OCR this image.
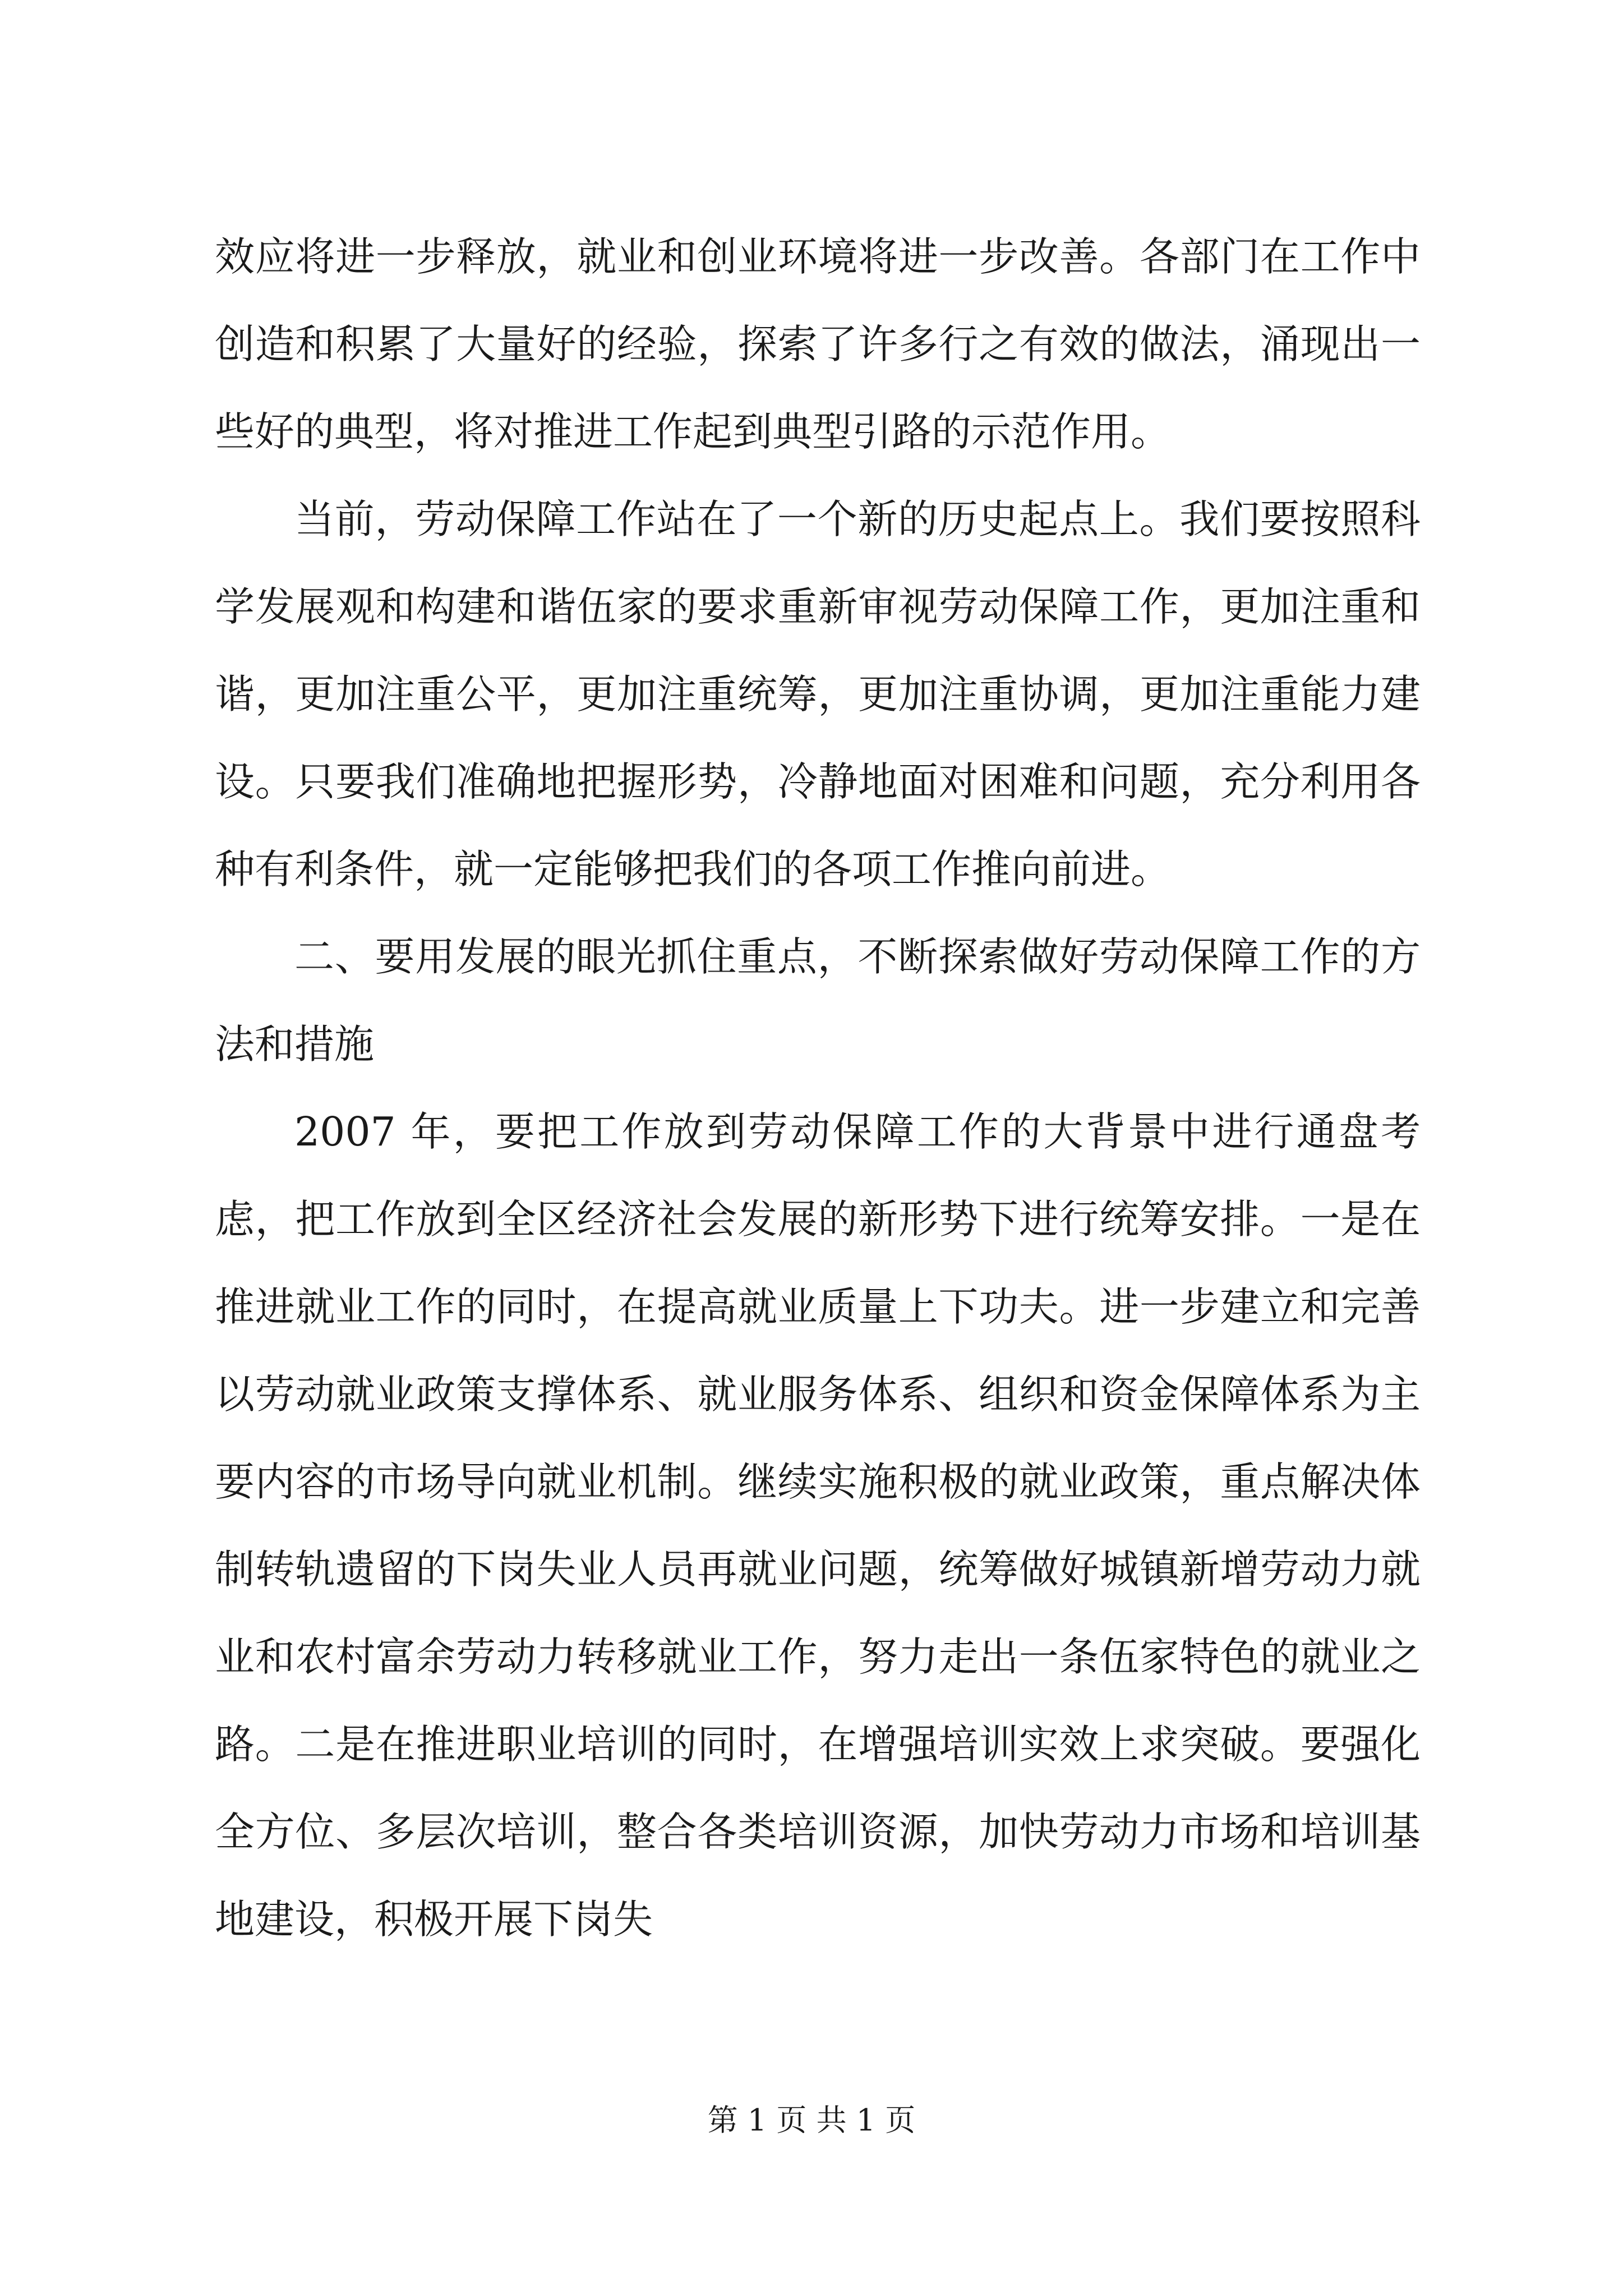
效应将进一步释放，就业和创业环境将进一步改善。各部门在工作中创造和积累了大量好的经验，探索了许多行之有效的做法，涌现出一些好的典型，将对推进工作起到典型引路的示范作用。

当前，劳动保障工作站在了一个新的历史起点上。我们要按照科学发展观和构建和谐伍家的要求重新审视劳动保障工作，更加注重和谐，更加注重公平，更加注重统筹，更加注重协调，更加注重能力建设。只要我们准确地把握形势，冷静地面对困难和问题，充分利用各种有利条件，就一定能够把我们的各项工作推向前进。

二、要用发展的眼光抓住重点，不断探索做好劳动保障工作的方法和措施

2007 年，要把工作放到劳动保障工作的大背景中进行通盘考虑，把工作放到全区经济社会发展的新形势下进行统筹安排。一是在推进就业工作的同时，在提高就业质量上下功夫。进一步建立和完善以劳动就业政策支撑体系、就业服务体系、组织和资金保障体系为主要内容的市场导向就业机制。继续实施积极的就业政策，重点解决体制转轨遗留的下岗失业人员再就业问题，统筹做好城镇新增劳动力就业和农村富余劳动力转移就业工作，努力走出一条伍家特色的就业之路。二是在推进职业培训的同时，在增强培训实效上求突破。要强化全方位、多层次培训，整合各类培训资源，加快劳动力市场和培训基地建设，积极开展下岗失

第 1 页 共 1 页
